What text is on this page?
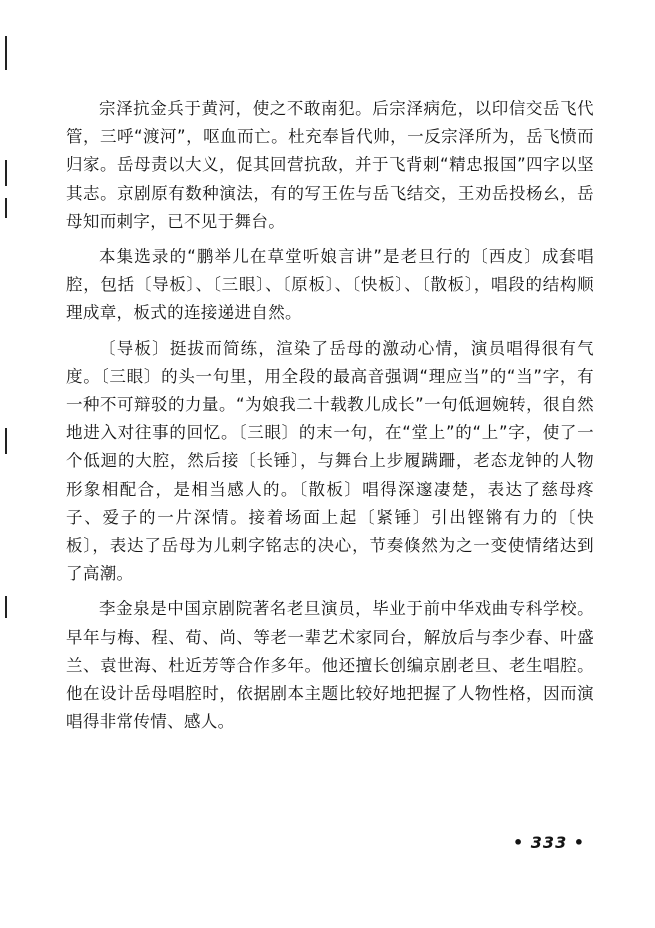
宗泽抗金兵于黄河，使之不敢南犯。后宗泽病危，以印信交岳飞代管，三呼“渡河”，呕血而亡。杜充奉旨代帅，一反宗泽所为，岳飞愤而归家。岳母责以大义，促其回营抗敌，并于飞背刺“精忠报国”四字以坚其志。京剧原有数种演法，有的写王佐与岳飞结交，王劝岳投杨幺，岳母知而刺字，已不见于舞台。

本集选录的“鹏举儿在草堂听娘言讲”是老旦行的〔西皮〕成套唱腔，包括〔导板〕、〔三眼〕、〔原板〕、〔快板〕、〔散板〕，唱段的结构顺理成章，板式的连接递进自然。

〔导板〕挺拔而简练，渲染了岳母的激动心情，演员唱得很有气度。〔三眼〕的头一句里，用全段的最高音强调“理应当”的“当”字，有一种不可辩驳的力量。“为娘我二十载教儿成长”一句低迴婉转，很自然地进入对往事的回忆。〔三眼〕的末一句，在“堂上”的“上”字，使了一个低迴的大腔，然后接〔长锤〕，与舞台上步履蹒跚，老态龙钟的人物形象相配合，是相当感人的。〔散板〕唱得深邃凄楚，表达了慈母疼子、爱子的一片深情。接着场面上起〔紧锤〕引出铿锵有力的〔快板〕，表达了岳母为儿刺字铭志的决心，节奏倏然为之一变使情绪达到了高潮。

李金泉是中国京剧院著名老旦演员，毕业于前中华戏曲专科学校。早年与梅、程、荀、尚、等老一辈艺术家同台，解放后与李少春、叶盛兰、袁世海、杜近芳等合作多年。他还擅长创编京剧老旦、老生唱腔。他在设计岳母唱腔时，依据剧本主题比较好地把握了人物性格，因而演唱得非常传情、感人。

• 333 •
